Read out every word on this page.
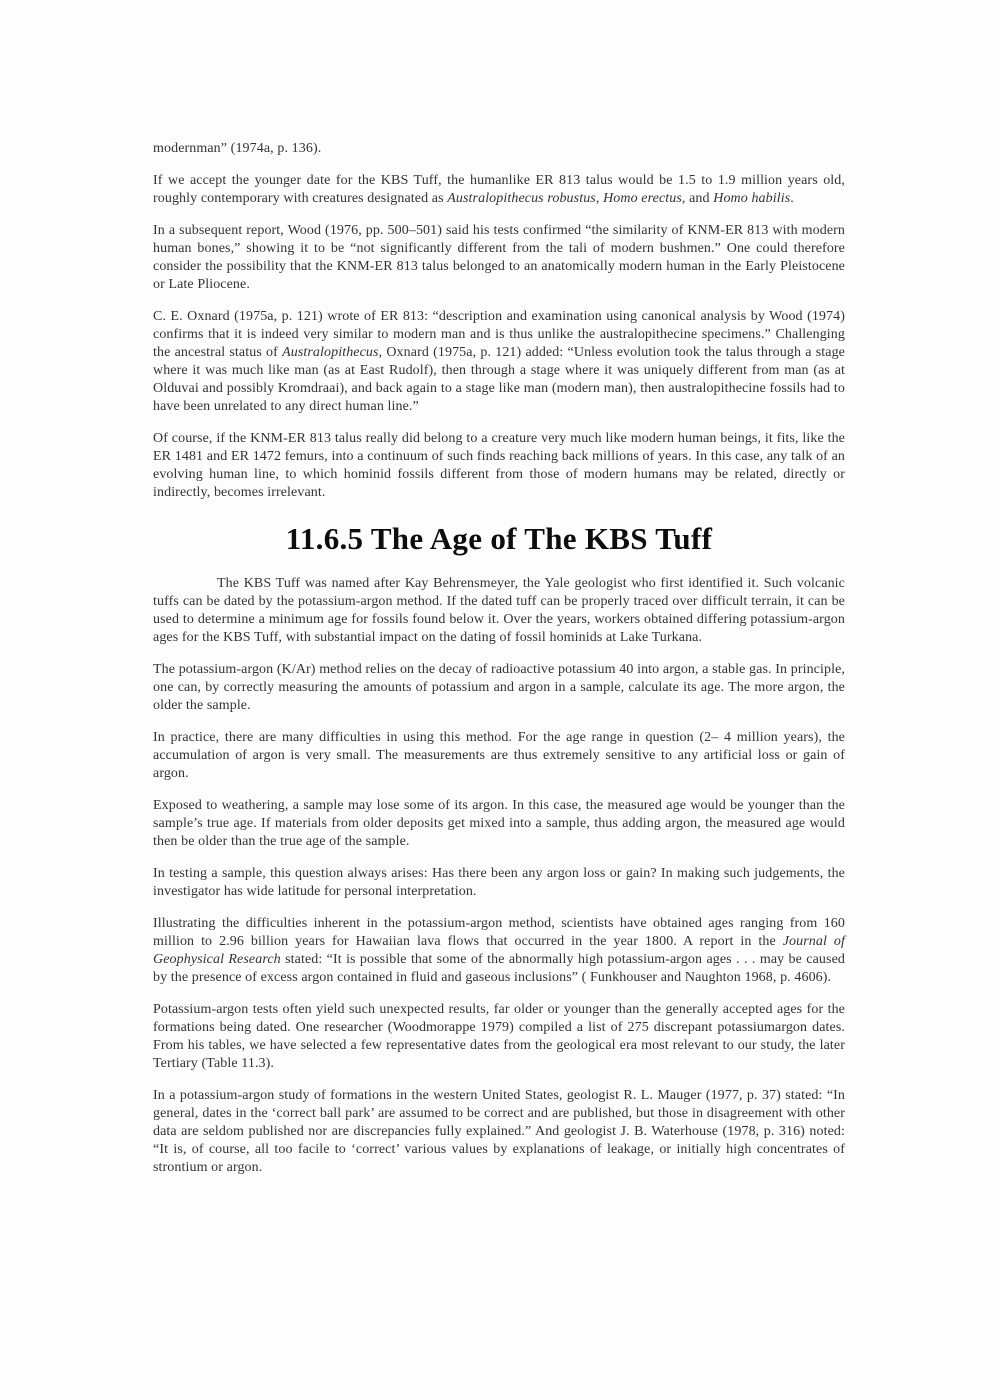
modernman” (1974a, p. 136).

If we accept the younger date for the KBS Tuff, the humanlike ER 813 talus would be 1.5 to 1.9 million years old, roughly contemporary with creatures designated as Australopithecus robustus, Homo erectus, and Homo habilis.

In a subsequent report, Wood (1976, pp. 500–501) said his tests confirmed “the similarity of KNM-ER 813 with modern human bones,” showing it to be “not significantly different from the tali of modern bushmen.” One could therefore consider the possibility that the KNM-ER 813 talus belonged to an anatomically modern human in the Early Pleistocene or Late Pliocene.

C. E. Oxnard (1975a, p. 121) wrote of ER 813: “description and examination using canonical analysis by Wood (1974) confirms that it is indeed very similar to modern man and is thus unlike the australopithecine specimens.” Challenging the ancestral status of Australopithecus, Oxnard (1975a, p. 121) added: “Unless evolution took the talus through a stage where it was much like man (as at East Rudolf), then through a stage where it was uniquely different from man (as at Olduvai and possibly Kromdraai), and back again to a stage like man (modern man), then australopithecine fossils had to have been unrelated to any direct human line.”

Of course, if the KNM-ER 813 talus really did belong to a creature very much like modern human beings, it fits, like the ER 1481 and ER 1472 femurs, into a continuum of such finds reaching back millions of years. In this case, any talk of an evolving human line, to which hominid fossils different from those of modern humans may be related, directly or indirectly, becomes irrelevant.

11.6.5 The Age of The KBS Tuff

The KBS Tuff was named after Kay Behrensmeyer, the Yale geologist who first identified it. Such volcanic tuffs can be dated by the potassium-argon method. If the dated tuff can be properly traced over difficult terrain, it can be used to determine a minimum age for fossils found below it. Over the years, workers obtained differing potassium-argon ages for the KBS Tuff, with substantial impact on the dating of fossil hominids at Lake Turkana.

The potassium-argon (K/Ar) method relies on the decay of radioactive potassium 40 into argon, a stable gas. In principle, one can, by correctly measuring the amounts of potassium and argon in a sample, calculate its age. The more argon, the older the sample.

In practice, there are many difficulties in using this method. For the age range in question (2– 4 million years), the accumulation of argon is very small. The measurements are thus extremely sensitive to any artificial loss or gain of argon.

Exposed to weathering, a sample may lose some of its argon. In this case, the measured age would be younger than the sample’s true age. If materials from older deposits get mixed into a sample, thus adding argon, the measured age would then be older than the true age of the sample.

In testing a sample, this question always arises: Has there been any argon loss or gain? In making such judgements, the investigator has wide latitude for personal interpretation.

Illustrating the difficulties inherent in the potassium-argon method, scientists have obtained ages ranging from 160 million to 2.96 billion years for Hawaiian lava flows that occurred in the year 1800. A report in the Journal of Geophysical Research stated: “It is possible that some of the abnormally high potassium-argon ages . . . may be caused by the presence of excess argon contained in fluid and gaseous inclusions” ( Funkhouser and Naughton 1968, p. 4606).

Potassium-argon tests often yield such unexpected results, far older or younger than the generally accepted ages for the formations being dated. One researcher (Woodmorappe 1979) compiled a list of 275 discrepant potassiumargon dates. From his tables, we have selected a few representative dates from the geological era most relevant to our study, the later Tertiary (Table 11.3).

In a potassium-argon study of formations in the western United States, geologist R. L. Mauger (1977, p. 37) stated: “In general, dates in the ‘correct ball park’ are assumed to be correct and are published, but those in disagreement with other data are seldom published nor are discrepancies fully explained.” And geologist J. B. Waterhouse (1978, p. 316) noted: “It is, of course, all too facile to ‘correct’ various values by explanations of leakage, or initially high concentrates of strontium or argon.
